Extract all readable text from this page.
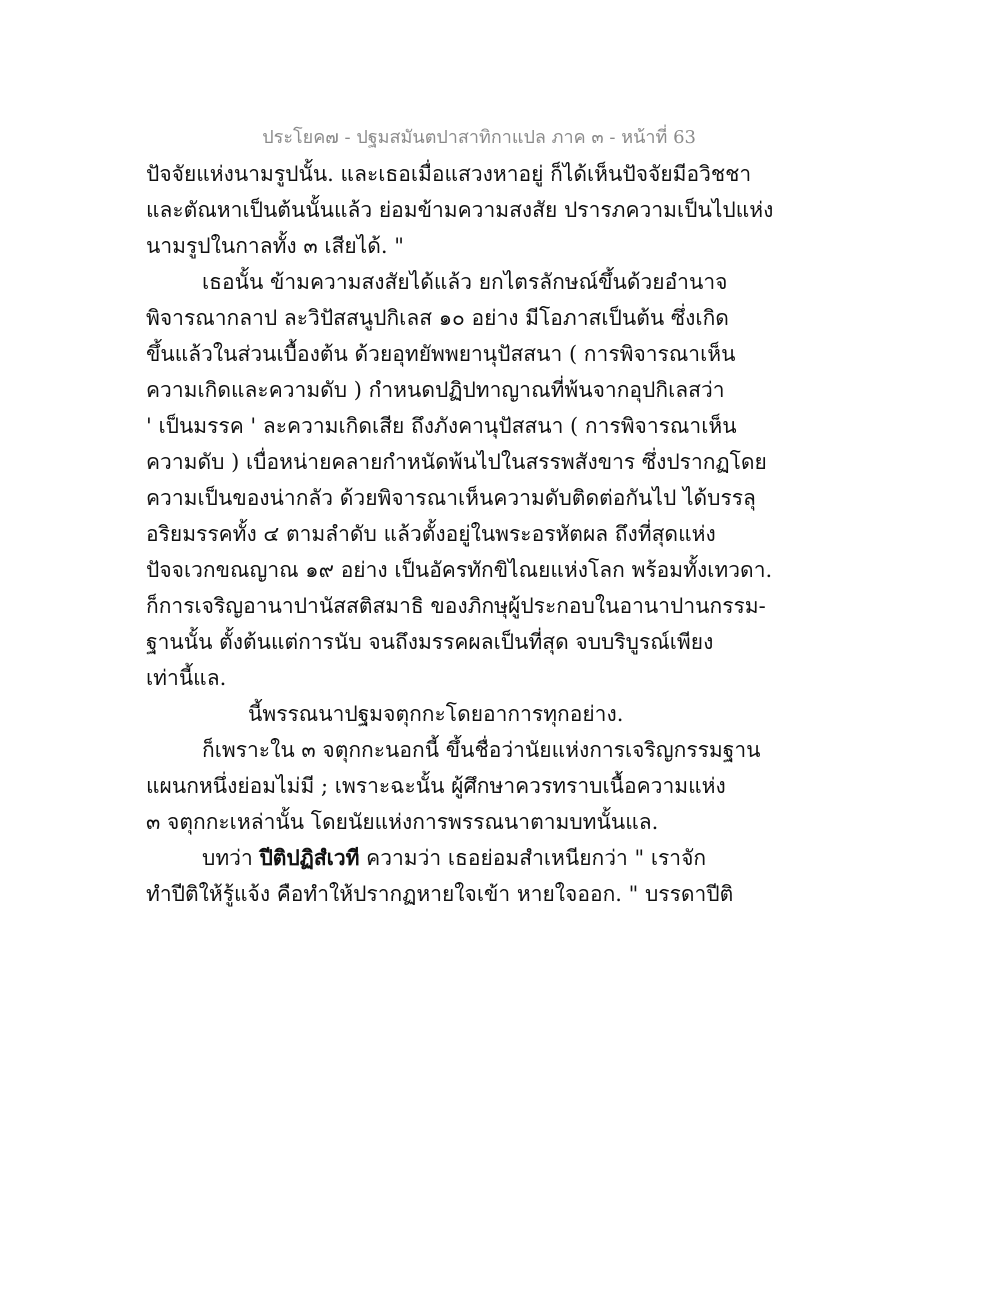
ประโยค๗ - ปฐมสมันตปาสาทิกาแปล ภาค ๓ - หน้าที่ 63
ปัจจัยแห่งนามรูปนั้น. และเธอเมื่อแสวงหาอยู่ ก็ได้เห็นปัจจัยมีอวิชชา
และตัณหาเป็นต้นนั้นแล้ว ย่อมข้ามความสงสัย ปรารภความเป็นไปแห่ง
นามรูปในกาลทั้ง ๓ เสียได้. "
เธอนั้น ข้ามความสงสัยได้แล้ว ยกไตรลักษณ์ขึ้นด้วยอำนาจ
พิจารณากลาป ละวิปัสสนูปกิเลส ๑๐ อย่าง มีโอภาสเป็นต้น ซึ่งเกิด
ขึ้นแล้วในส่วนเบื้องต้น ด้วยอุทยัพพยานุปัสสนา ( การพิจารณาเห็น
ความเกิดและความดับ ) กำหนดปฏิปทาญาณที่พ้นจากอุปกิเลสว่า
' เป็นมรรค ' ละความเกิดเสีย ถึงภังคานุปัสสนา ( การพิจารณาเห็น
ความดับ ) เบื่อหน่ายคลายกำหนัดพ้นไปในสรรพสังขาร ซึ่งปรากฏโดย
ความเป็นของน่ากลัว ด้วยพิจารณาเห็นความดับติดต่อกันไป ได้บรรลุ
อริยมรรคทั้ง ๔ ตามลำดับ แล้วตั้งอยู่ในพระอรหัตผล ถึงที่สุดแห่ง
ปัจจเวกขณญาณ ๑๙ อย่าง เป็นอัครทักขิไณยแห่งโลก พร้อมทั้งเทวดา.
ก็การเจริญอานาปานัสสติสมาธิ ของภิกษุผู้ประกอบในอานาปานกรรม-
ฐานนั้น ตั้งต้นแต่การนับ จนถึงมรรคผลเป็นที่สุด จบบริบูรณ์เพียง
เท่านี้แล.
นี้พรรณนาปฐมจตุกกะโดยอาการทุกอย่าง.
ก็เพราะใน ๓ จตุกกะนอกนี้ ขึ้นชื่อว่านัยแห่งการเจริญกรรมฐาน
แผนกหนึ่งย่อมไม่มี ; เพราะฉะนั้น ผู้ศึกษาควรทราบเนื้อความแห่ง
๓ จตุกกะเหล่านั้น โดยนัยแห่งการพรรณนาตามบทนั้นแล.
บทว่า ปีติปฏิสํเวที ความว่า เธอย่อมสำเหนียกว่า " เราจัก
ทำปีติให้รู้แจ้ง คือทำให้ปรากฏหายใจเข้า หายใจออก. " บรรดาปีติ
